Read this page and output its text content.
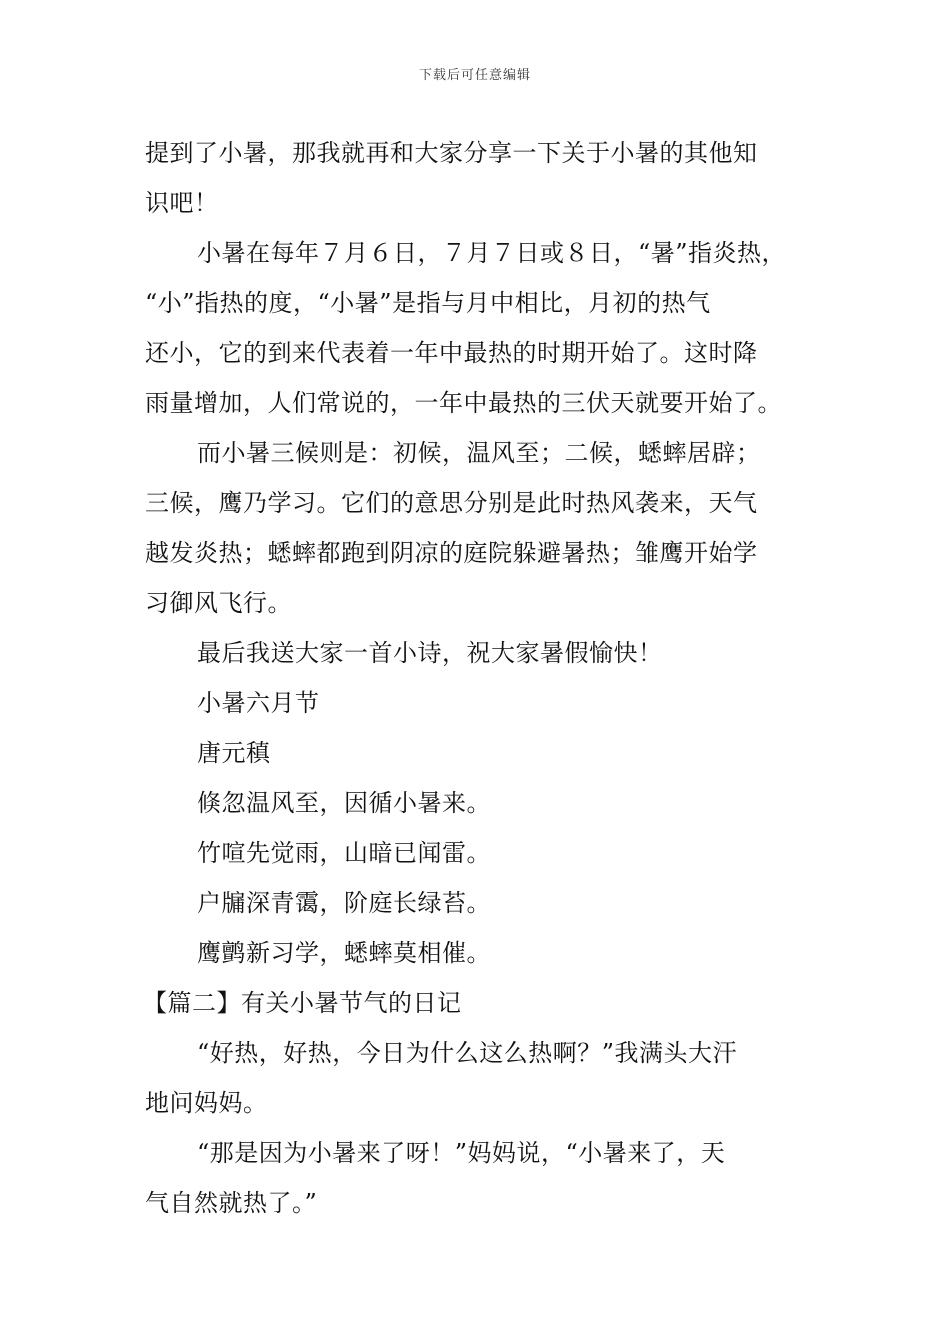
下载后可任意编辑
提到了小暑，那我就再和大家分享一下关于小暑的其他知
识吧！
小暑在每年７月６日，７月７日或８日，“暑”指炎热，
“小”指热的度，“小暑”是指与月中相比，月初的热气
还小，它的到来代表着一年中最热的时期开始了。这时降
雨量增加，人们常说的，一年中最热的三伏天就要开始了。
而小暑三候则是：初候，温风至；二候，蟋蟀居辟；
三候，鹰乃学习。它们的意思分别是此时热风袭来，天气
越发炎热；蟋蟀都跑到阴凉的庭院躲避暑热；雏鹰开始学
习御风飞行。
最后我送大家一首小诗，祝大家暑假愉快！
小暑六月节
唐元稹
倏忽温风至，因循小暑来。
竹喧先觉雨，山暗已闻雷。
户牖深青霭，阶庭长绿苔。
鹰鹯新习学，蟋蟀莫相催。
【篇二】有关小暑节气的日记
“好热，好热，今日为什么这么热啊？”我满头大汗
地问妈妈。
“那是因为小暑来了呀！”妈妈说，“小暑来了，天
气自然就热了。”
